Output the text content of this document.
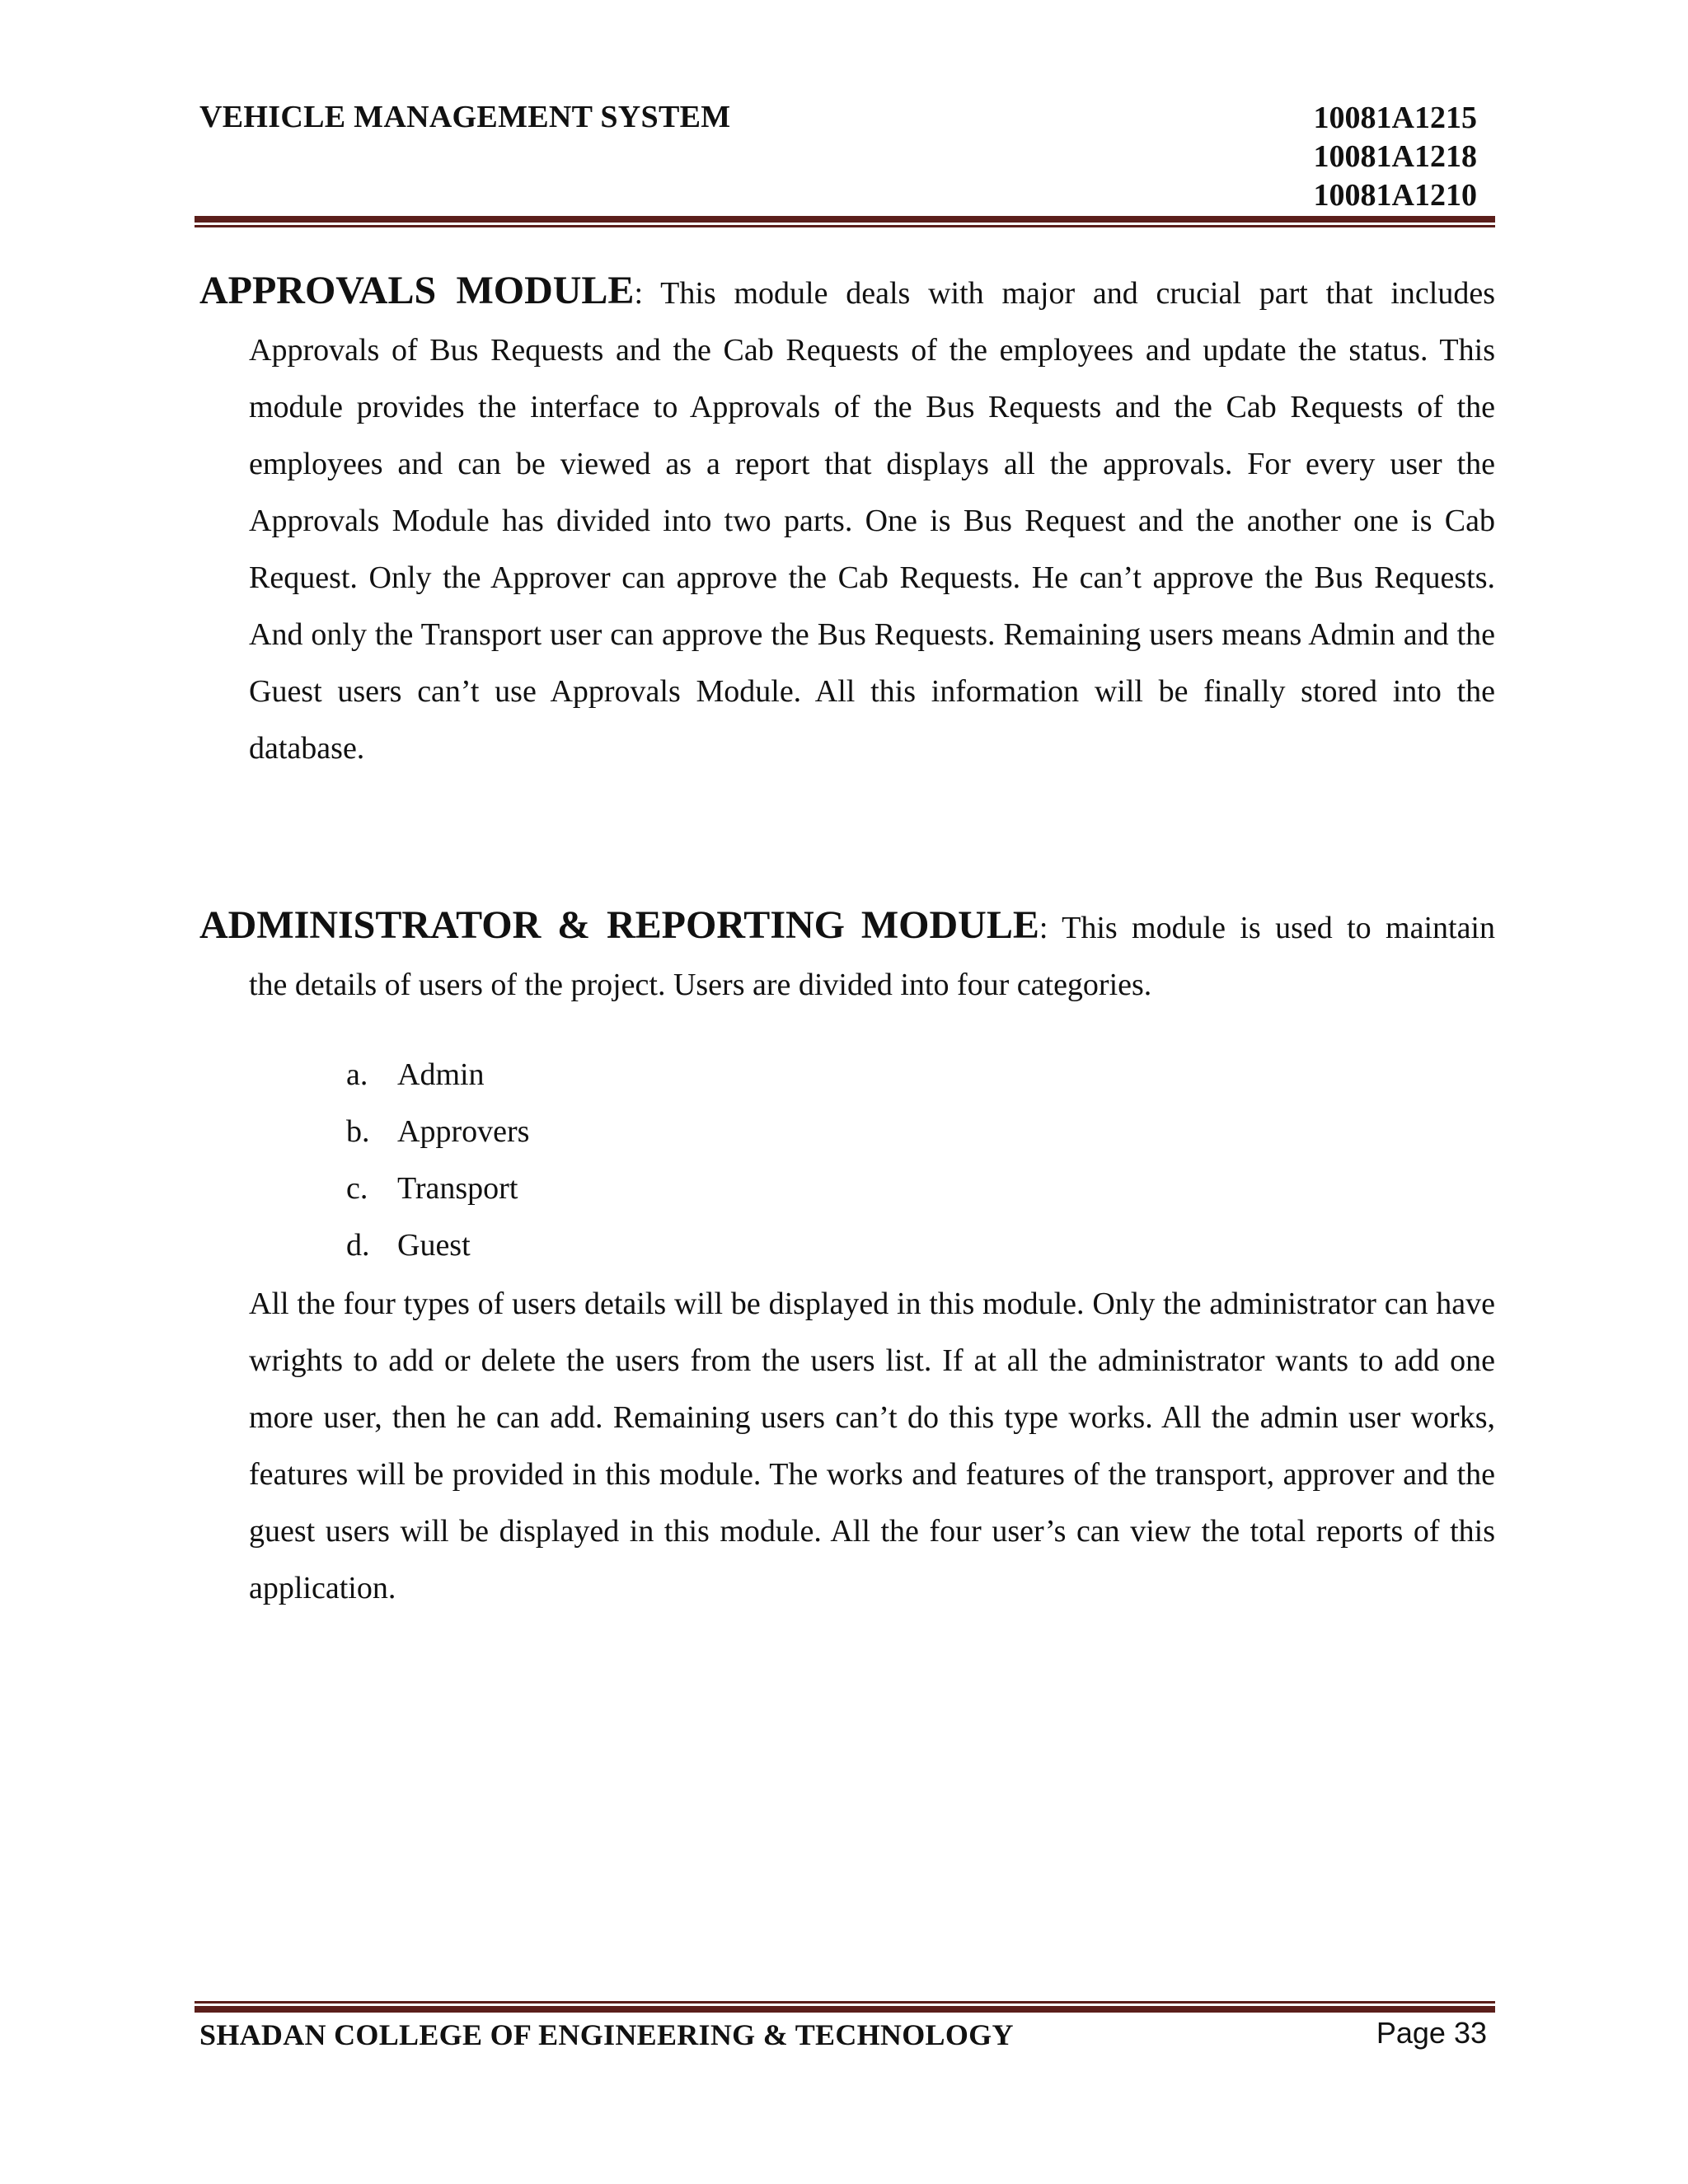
VEHICLE MANAGEMENT SYSTEM	10081A1215
10081A1218
10081A1210

APPROVALS MODULE: This module deals with major and crucial part that includes
Approvals of Bus Requests and the Cab Requests of the employees and update the status. This module provides the interface to Approvals of the Bus Requests and the Cab Requests of the employees and can be viewed as a report that displays all the approvals. For every user the Approvals Module has divided into two parts. One is Bus Request and the another one is Cab Request. Only the Approver can approve the Cab Requests. He can’t approve the Bus Requests. And only the Transport user can approve the Bus Requests. Remaining users means Admin and the Guest users can’t use Approvals Module. All this information will be finally stored into the database.

ADMINISTRATOR & REPORTING MODULE: This module is used to maintain
the details of users of the project. Users are divided into four categories.

a. Admin
b. Approvers
c. Transport
d. Guest

All the four types of users details will be displayed in this module. Only the administrator can have wrights to add or delete the users from the users list. If at all the administrator wants to add one more user, then he can add. Remaining users can’t do this type works. All the admin user works, features will be provided in this module. The works and features of the transport, approver and the guest users will be displayed in this module. All the four user’s can view the total reports of this application.

SHADAN COLLEGE OF ENGINEERING & TECHNOLOGY	Page 33
